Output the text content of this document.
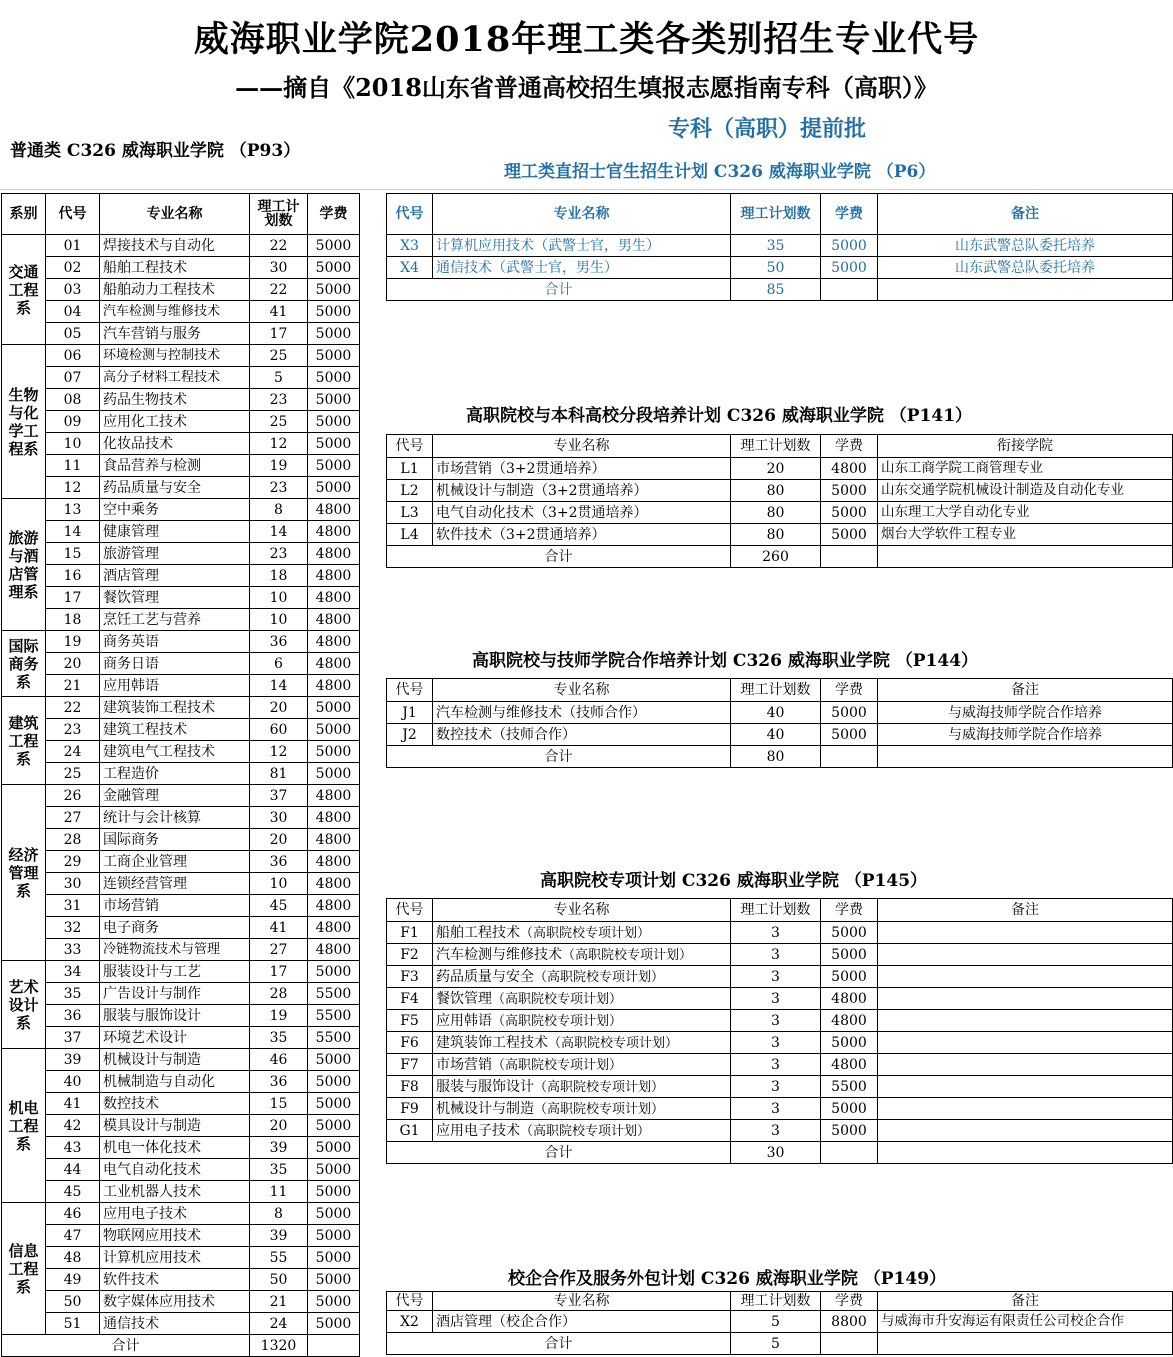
威海职业学院2018年理工类各类别招生专业代号
——摘自《2018山东省普通高校招生填报志愿指南专科（高职）》
专科（高职）提前批
普通类 C326 威海职业学院 （P93）
系别	代号	专业名称	理工计划数	学费
交通工程系	01	焊接技术与自动化	22	5000
	02	船舶工程技术	30	5000
	03	船舶动力工程技术	22	5000
	04	汽车检测与维修技术	41	5000
	05	汽车营销与服务	17	5000
生物与化学工程系	06	环境检测与控制技术	25	5000
	07	高分子材料工程技术	5	5000
	08	药品生物技术	23	5000
	09	应用化工技术	25	5000
	10	化妆品技术	12	5000
	11	食品营养与检测	19	5000
	12	药品质量与安全	23	5000
旅游与酒店管理系	13	空中乘务	8	4800
	14	健康管理	14	4800
	15	旅游管理	23	4800
	16	酒店管理	18	4800
	17	餐饮管理	10	4800
	18	烹饪工艺与营养	10	4800
国际商务系	19	商务英语	36	4800
	20	商务日语	6	4800
	21	应用韩语	14	4800
建筑工程系	22	建筑装饰工程技术	20	5000
	23	建筑工程技术	60	5000
	24	建筑电气工程技术	12	5000
	25	工程造价	81	5000
经济管理系	26	金融管理	37	4800
	27	统计与会计核算	30	4800
	28	国际商务	20	4800
	29	工商企业管理	36	4800
	30	连锁经营管理	10	4800
	31	市场营销	45	4800
	32	电子商务	41	4800
	33	冷链物流技术与管理	27	4800
艺术设计系	34	服装设计与工艺	17	5000
	35	广告设计与制作	28	5500
	36	服装与服饰设计	19	5500
	37	环境艺术设计	35	5500
机电工程系	39	机械设计与制造	46	5000
	40	机械制造与自动化	36	5000
	41	数控技术	15	5000
	42	模具设计与制造	20	5000
	43	机电一体化技术	39	5000
	44	电气自动化技术	35	5000
	45	工业机器人技术	11	5000
信息工程系	46	应用电子技术	8	5000
	47	物联网应用技术	39	5000
	48	计算机应用技术	55	5000
	49	软件技术	50	5000
	50	数字媒体应用技术	21	5000
	51	通信技术	24	5000
合计			1320	
理工类直招士官生招生计划 C326 威海职业学院 （P6）
代号	专业名称	理工计划数	学费	备注
X3	计算机应用技术（武警士官，男生）	35	5000	山东武警总队委托培养
X4	通信技术（武警士官，男生）	50	5000	山东武警总队委托培养
合计		85		
高职院校与本科高校分段培养计划 C326 威海职业学院 （P141）
代号	专业名称	理工计划数	学费	衔接学院
L1	市场营销（3+2贯通培养）	20	4800	山东工商学院工商管理专业
L2	机械设计与制造（3+2贯通培养）	80	5000	山东交通学院机械设计制造及自动化专业
L3	电气自动化技术（3+2贯通培养）	80	5000	山东理工大学自动化专业
L4	软件技术（3+2贯通培养）	80	5000	烟台大学软件工程专业
合计		260		
高职院校与技师学院合作培养计划 C326 威海职业学院 （P144）
代号	专业名称	理工计划数	学费	备注
J1	汽车检测与维修技术（技师合作）	40	5000	与威海技师学院合作培养
J2	数控技术（技师合作）	40	5000	与威海技师学院合作培养
合计		80		
高职院校专项计划 C326 威海职业学院 （P145）
代号	专业名称	理工计划数	学费	备注
F1	船舶工程技术（高职院校专项计划）	3	5000	
F2	汽车检测与维修技术（高职院校专项计划）	3	5000	
F3	药品质量与安全（高职院校专项计划）	3	5000	
F4	餐饮管理（高职院校专项计划）	3	4800	
F5	应用韩语（高职院校专项计划）	3	4800	
F6	建筑装饰工程技术（高职院校专项计划）	3	5000	
F7	市场营销（高职院校专项计划）	3	4800	
F8	服装与服饰设计（高职院校专项计划）	3	5500	
F9	机械设计与制造（高职院校专项计划）	3	5000	
G1	应用电子技术（高职院校专项计划）	3	5000	
合计		30		
校企合作及服务外包计划 C326 威海职业学院 （P149）
代号	专业名称	理工计划数	学费	备注
X2	酒店管理（校企合作）	5	8800	与威海市升安海运有限责任公司校企合作
合计		5		
